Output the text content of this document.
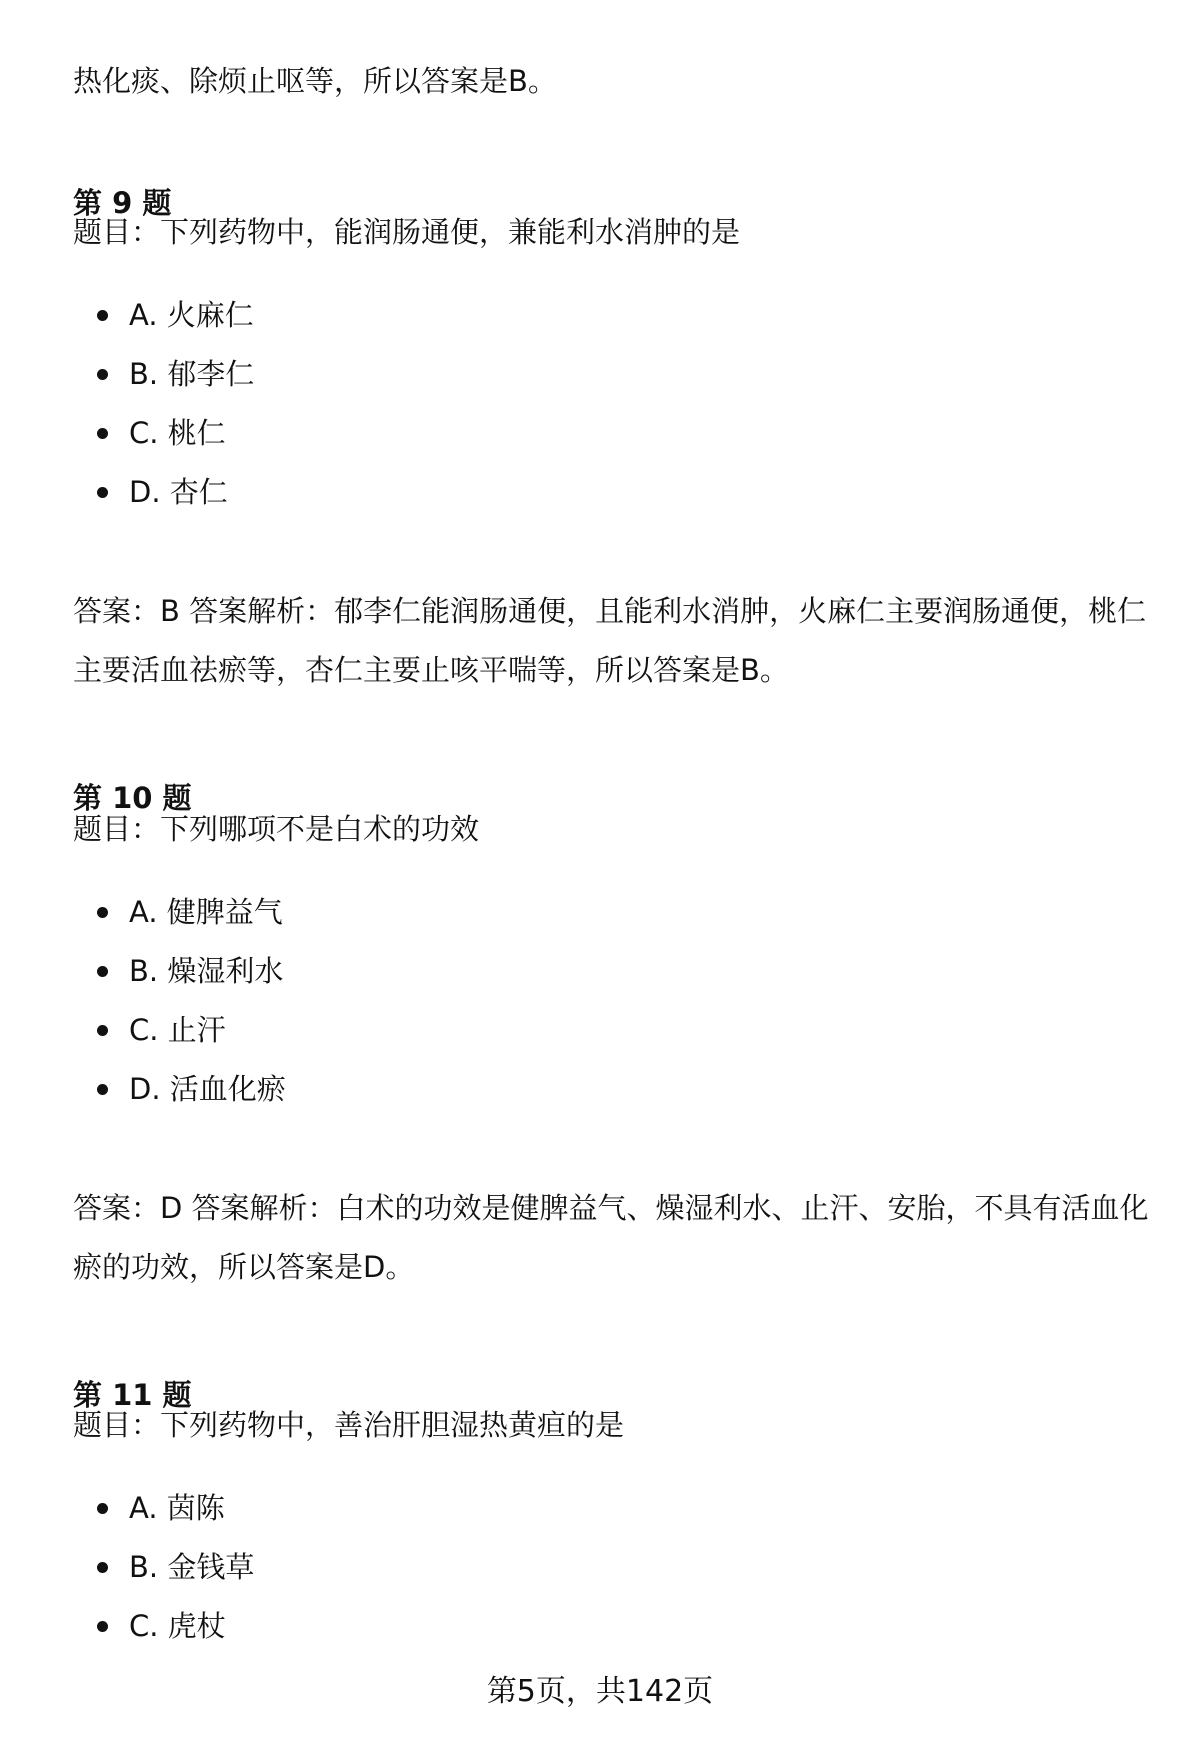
热化痰、除烦止呕等，所以答案是B。

第 9 题

题目：下列药物中，能润肠通便，兼能利水消肿的是

A. 火麻仁
B. 郁李仁
C. 桃仁
D. 杏仁

答案：B 答案解析：郁李仁能润肠通便，且能利水消肿，火麻仁主要润肠通便，桃仁主要活血祛瘀等，杏仁主要止咳平喘等，所以答案是B。

第 10 题

题目：下列哪项不是白术的功效

A. 健脾益气
B. 燥湿利水
C. 止汗
D. 活血化瘀

答案：D 答案解析：白术的功效是健脾益气、燥湿利水、止汗、安胎，不具有活血化瘀的功效，所以答案是D。

第 11 题

题目：下列药物中，善治肝胆湿热黄疸的是

A. 茵陈
B. 金钱草
C. 虎杖
第5页，共142页
